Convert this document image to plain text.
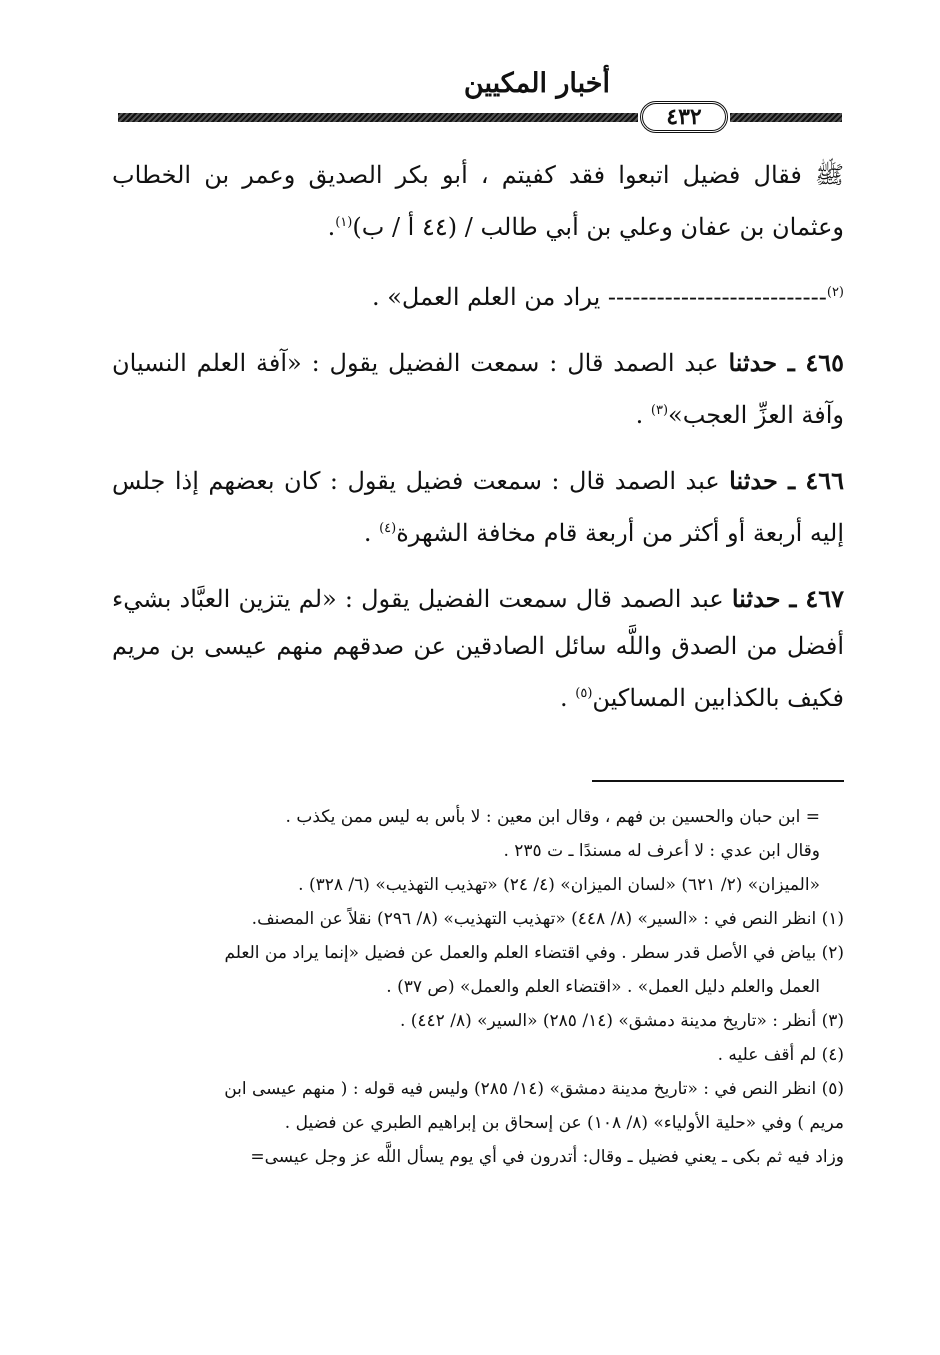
أخبار المكيين
٤٣٢

ﷺ فقال فضيل اتبعوا فقد كفيتم ، أبو بكر الصديق وعمر بن الخطاب وعثمان بن عفان وعلي بن أبي طالب / (٤٤ أ / ب)$^{(١)}$.

$^{(٢)}$--------------------------- يراد من العلم العمل» .

٤٦٥ ـ حدثنا عبد الصمد قال : سمعت الفضيل يقول : «آفة العلم النسيان وآفة العزِّ العجب»$^{(٣)}$ .

٤٦٦ ـ حدثنا عبد الصمد قال : سمعت فضيل يقول : كان بعضهم إذا جلس إليه أربعة أو أكثر من أربعة قام مخافة الشهرة$^{(٤)}$ .

٤٦٧ ـ حدثنا عبد الصمد قال سمعت الفضيل يقول : «لم يتزين العبَّاد بشيء أفضل من الصدق واللَّه سائل الصادقين عن صدقهم منهم عيسى بن مريم فكيف بالكذابين المساكين$^{(٥)}$ .

= ابن حبان والحسين بن فهم ، وقال ابن معين : لا بأس به ليس ممن يكذب .

وقال ابن عدي : لا أعرف له مسندًا ـ ت ٢٣٥ .

«الميزان» (٢/ ٦٢١) «لسان الميزان» (٤/ ٢٤) «تهذيب التهذيب» (٦/ ٣٢٨) .

(١) انظر النص في : «السير» (٨/ ٤٤٨) «تهذيب التهذيب» (٨/ ٢٩٦) نقلاً عن المصنف.

(٢) بياض في الأصل قدر سطر . وفي اقتضاء العلم والعمل عن فضيل «إنما يراد من العلم

العمل والعلم دليل العمل» . «اقتضاء العلم والعمل» (ص ٣٧) .

(٣) أنظر : «تاريخ مدينة دمشق» (١٤/ ٢٨٥) «السير» (٨/ ٤٤٢) .

(٤) لم أقف عليه .

(٥) انظر النص في : «تاريخ مدينة دمشق» (١٤/ ٢٨٥) وليس فيه قوله : ( منهم عيسى ابن

مريم ) وفي «حلية الأولياء» (٨/ ١٠٨) عن إسحاق بن إبراهيم الطبري عن فضيل .

وزاد فيه ثم بكى ـ يعني فضيل ـ وقال: أتدرون في أي يوم يسأل اللَّه عز وجل عيسى=
